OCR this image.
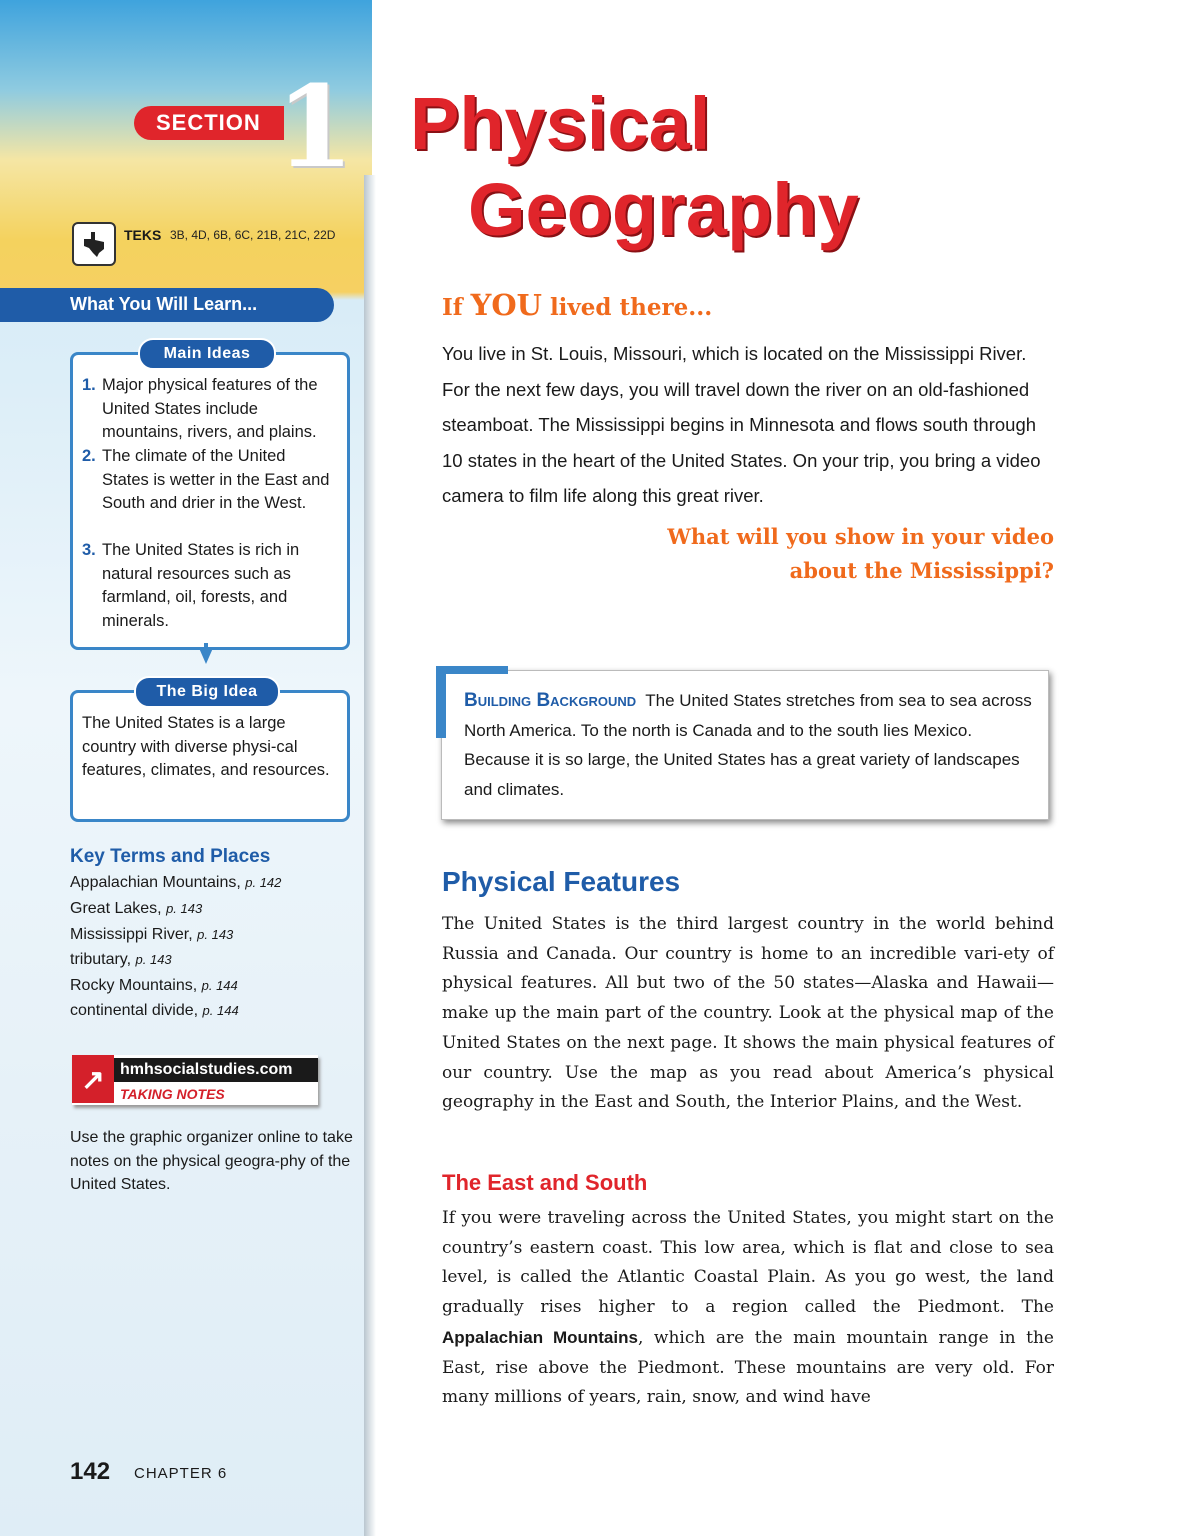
SECTION 1
TEKS 3B, 4D, 6B, 6C, 21B, 21C, 22D
What You Will Learn...
Main Ideas
1. Major physical features of the United States include mountains, rivers, and plains.
2. The climate of the United States is wetter in the East and South and drier in the West.
3. The United States is rich in natural resources such as farmland, oil, forests, and minerals.
The Big Idea
The United States is a large country with diverse physi-cal features, climates, and resources.
Key Terms and Places
Appalachian Mountains, p. 142
Great Lakes, p. 143
Mississippi River, p. 143
tributary, p. 143
Rocky Mountains, p. 144
continental divide, p. 144
↗ hmhsocialstudies.com
TAKING NOTES
Use the graphic organizer online to take notes on the physical geogra-phy of the United States.
142 CHAPTER 6
Physical
Geography
If YOU lived there...
You live in St. Louis, Missouri, which is located on the Mississippi River. For the next few days, you will travel down the river on an old-fashioned steamboat. The Mississippi begins in Minnesota and flows south through 10 states in the heart of the United States. On your trip, you bring a video camera to film life along this great river.
What will you show in your video about the Mississippi?
Building Background The United States stretches from sea to sea across North America. To the north is Canada and to the south lies Mexico. Because it is so large, the United States has a great variety of landscapes and climates.
Physical Features
The United States is the third largest country in the world behind Russia and Canada. Our country is home to an incredible vari-ety of physical features. All but two of the 50 states—Alaska and Hawaii—make up the main part of the country. Look at the physical map of the United States on the next page. It shows the main physical features of our country. Use the map as you read about America’s physical geography in the East and South, the Interior Plains, and the West.
The East and South
If you were traveling across the United States, you might start on the country’s eastern coast. This low area, which is flat and close to sea level, is called the Atlantic Coastal Plain. As you go west, the land gradually rises higher to a region called the Piedmont. The Appalachian Mountains, which are the main mountain range in the East, rise above the Piedmont. These mountains are very old. For many millions of years, rain, snow, and wind have
